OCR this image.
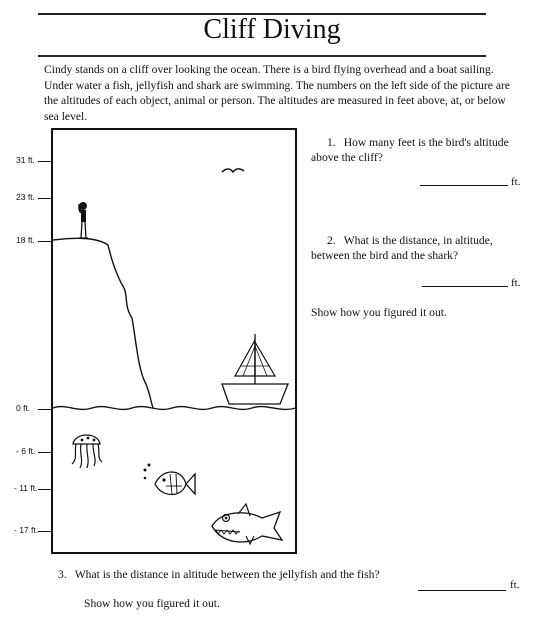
Cliff Diving
Cindy stands on a cliff over looking the ocean. There is a bird flying overhead and a boat sailing. Under water a fish, jellyfish and shark are swimming. The numbers on the left side of the picture are the altitudes of each object, animal or person. The altitudes are measured in feet above, at, or below sea level.
31 ft.
23 ft.
18 ft.
0 ft.
- 6 ft.
- 11 ft.
- 17 ft.
1. How many feet is the bird's altitude above the cliff?
ft.
2. What is the distance, in altitude, between the bird and the shark?
ft.
Show how you figured it out.
3. What is the distance in altitude between the jellyfish and the fish?
ft.
Show how you figured it out.
